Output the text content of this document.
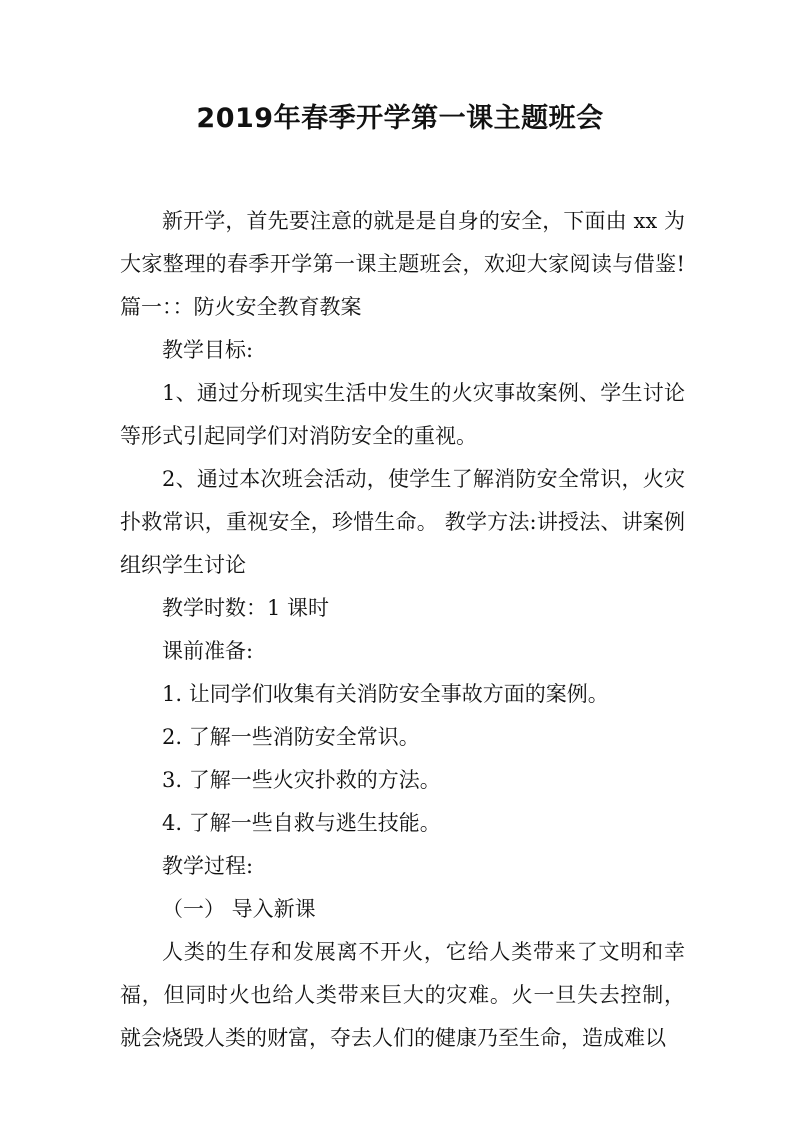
2019年春季开学第一课主题班会

新开学，首先要注意的就是是自身的安全，下面由 xx 为大家整理的春季开学第一课主题班会，欢迎大家阅读与借鉴!篇一：：防火安全教育教案

教学目标:

1、通过分析现实生活中发生的火灾事故案例、学生讨论等形式引起同学们对消防安全的重视。

2、通过本次班会活动，使学生了解消防安全常识，火灾扑救常识，重视安全，珍惜生命。 教学方法:讲授法、讲案例组织学生讨论

教学时数：1 课时

课前准备:

1. 让同学们收集有关消防安全事故方面的案例。

2. 了解一些消防安全常识。

3. 了解一些火灾扑救的方法。

4. 了解一些自救与逃生技能。

教学过程:

（一） 导入新课

人类的生存和发展离不开火，它给人类带来了文明和幸福，但同时火也给人类带来巨大的灾难。火一旦失去控制，就会烧毁人类的财富，夺去人们的健康乃至生命，造成难以
